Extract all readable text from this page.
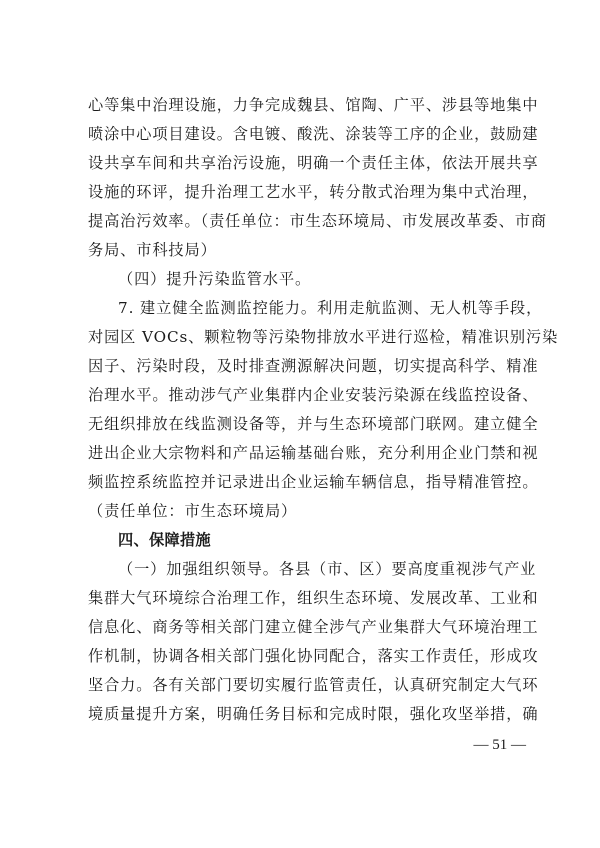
心等集中治理设施，力争完成魏县、馆陶、广平、涉县等地集中
喷涂中心项目建设。含电镀、酸洗、涂装等工序的企业，鼓励建
设共享车间和共享治污设施，明确一个责任主体，依法开展共享
设施的环评，提升治理工艺水平，转分散式治理为集中式治理，
提高治污效率。（责任单位：市生态环境局、市发展改革委、市商
务局、市科技局）
（四）提升污染监管水平。
7. 建立健全监测监控能力。利用走航监测、无人机等手段，
对园区 VOCs、颗粒物等污染物排放水平进行巡检，精准识别污染
因子、污染时段，及时排查溯源解决问题，切实提高科学、精准
治理水平。推动涉气产业集群内企业安装污染源在线监控设备、
无组织排放在线监测设备等，并与生态环境部门联网。建立健全
进出企业大宗物料和产品运输基础台账，充分利用企业门禁和视
频监控系统监控并记录进出企业运输车辆信息，指导精准管控。
（责任单位：市生态环境局）
四、保障措施
（一）加强组织领导。各县（市、区）要高度重视涉气产业
集群大气环境综合治理工作，组织生态环境、发展改革、工业和
信息化、商务等相关部门建立健全涉气产业集群大气环境治理工
作机制，协调各相关部门强化协同配合，落实工作责任，形成攻
坚合力。各有关部门要切实履行监管责任，认真研究制定大气环
境质量提升方案，明确任务目标和完成时限，强化攻坚举措，确
— 51 —
